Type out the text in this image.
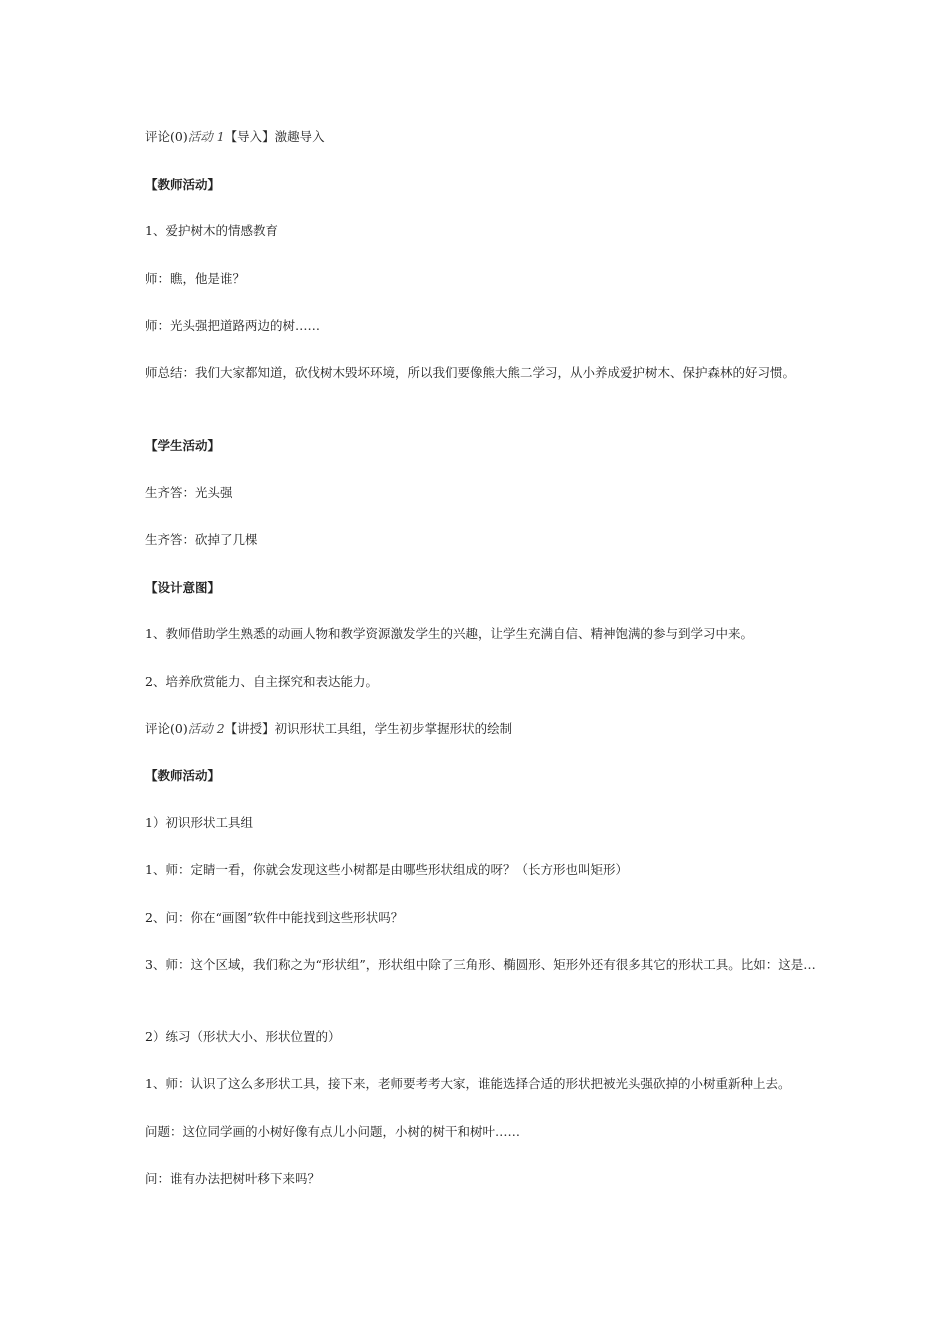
评论(0)活动 1【导入】激趣导入
【教师活动】
1、爱护树木的情感教育
师：瞧，他是谁？
师：光头强把道路两边的树……
师总结：我们大家都知道，砍伐树木毁坏环境，所以我们要像熊大熊二学习，从小养成爱护树木、保护森林的好习惯。
【学生活动】
生齐答：光头强
生齐答：砍掉了几棵
【设计意图】
1、教师借助学生熟悉的动画人物和教学资源激发学生的兴趣，让学生充满自信、精神饱满的参与到学习中来。
2、培养欣赏能力、自主探究和表达能力。
评论(0)活动 2【讲授】初识形状工具组，学生初步掌握形状的绘制
【教师活动】
1）初识形状工具组
1、师：定睛一看，你就会发现这些小树都是由哪些形状组成的呀？（长方形也叫矩形）
2、问：你在“画图”软件中能找到这些形状吗？
3、师：这个区域，我们称之为“形状组”，形状组中除了三角形、椭圆形、矩形外还有很多其它的形状工具。比如：这是…
2）练习（形状大小、形状位置的）
1、师：认识了这么多形状工具，接下来，老师要考考大家，谁能选择合适的形状把被光头强砍掉的小树重新种上去。
问题：这位同学画的小树好像有点儿小问题，小树的树干和树叶……
问：谁有办法把树叶移下来吗？
